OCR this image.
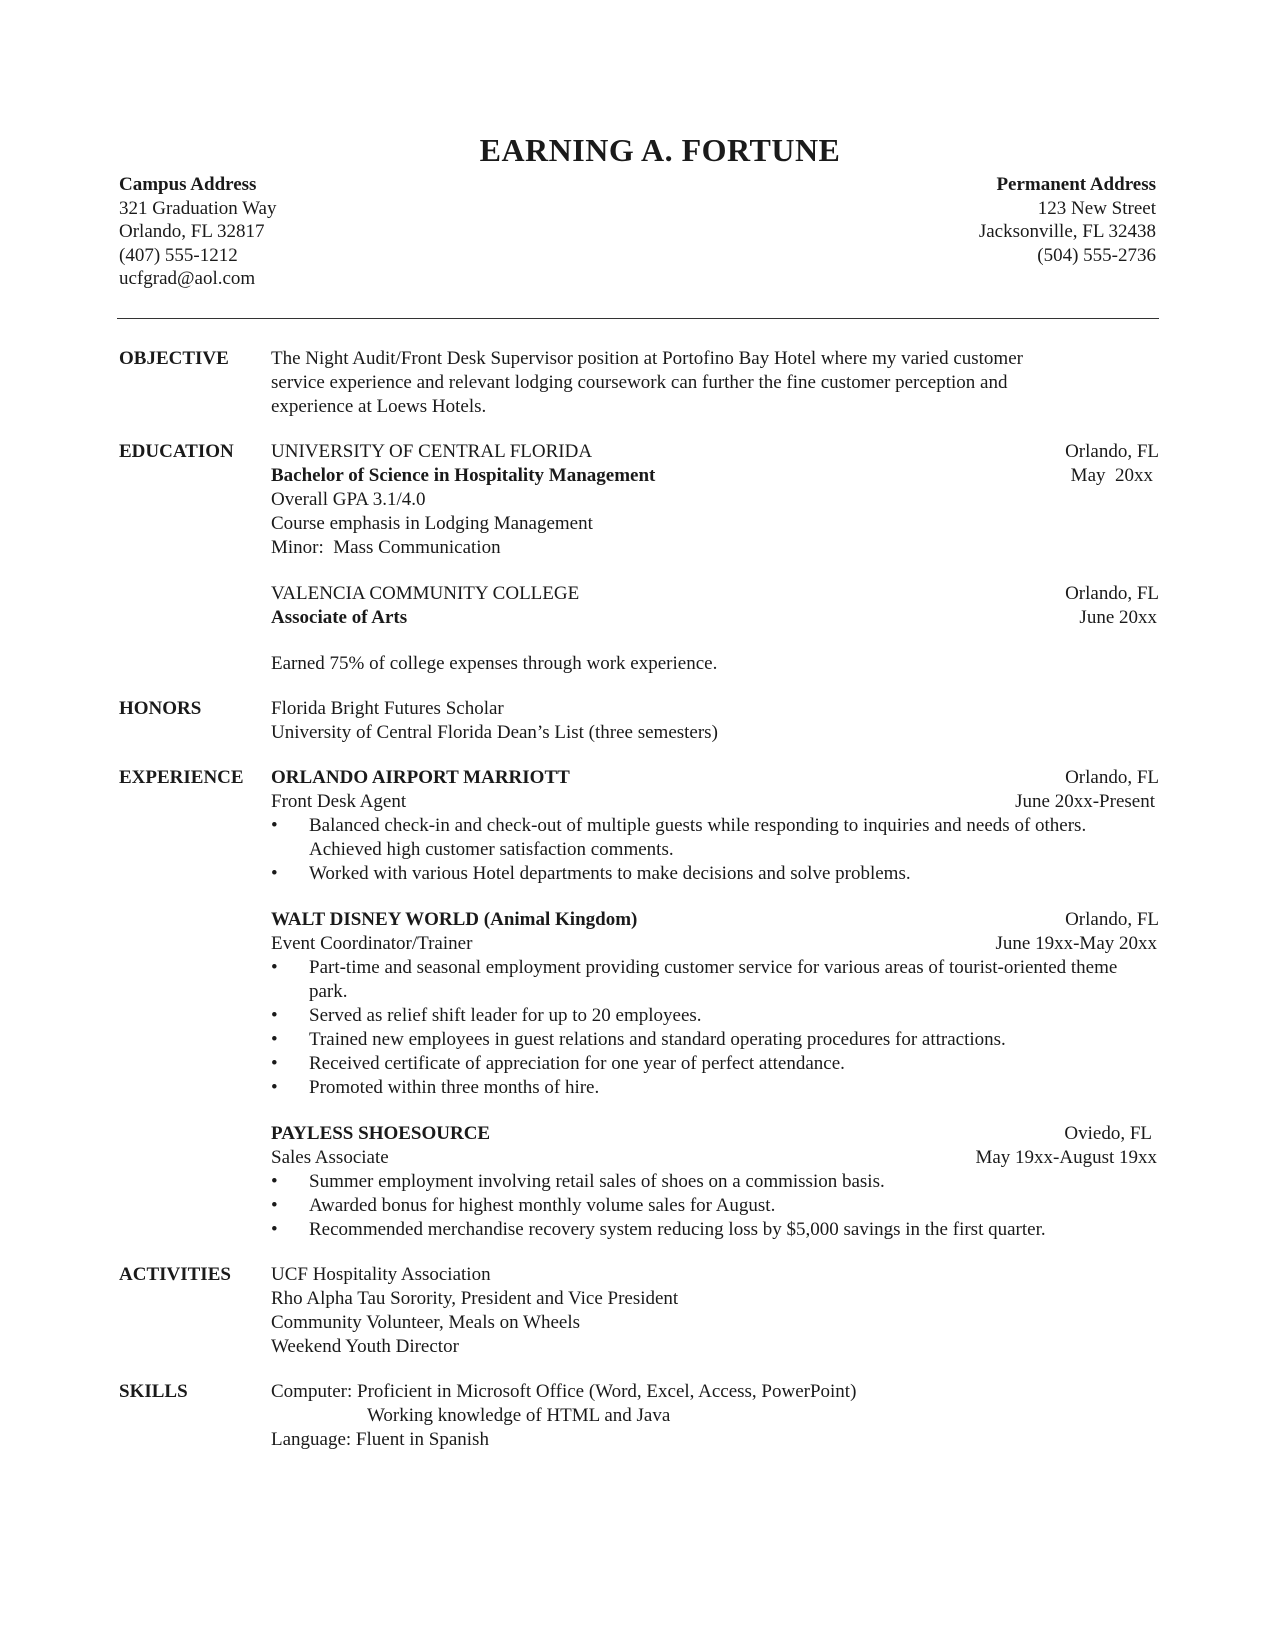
EARNING A. FORTUNE
Campus Address
321 Graduation Way
Orlando, FL 32817
(407) 555-1212
ucfgrad@aol.com
Permanent Address
123 New Street
Jacksonville, FL 32438
(504) 555-2736
OBJECTIVE	The Night Audit/Front Desk Supervisor position at Portofino Bay Hotel where my varied customer service experience and relevant lodging coursework can further the fine customer perception and experience at Loews Hotels.
EDUCATION	UNIVERSITY OF CENTRAL FLORIDA	Orlando, FL
Bachelor of Science in Hospitality Management	May  20xx
Overall GPA 3.1/4.0
Course emphasis in Lodging Management
Minor:  Mass Communication
VALENCIA COMMUNITY COLLEGE	Orlando, FL
Associate of Arts	June 20xx
Earned 75% of college expenses through work experience.
HONORS	Florida Bright Futures Scholar
University of Central Florida Dean’s List (three semesters)
EXPERIENCE	ORLANDO AIRPORT MARRIOTT	Orlando, FL
Front Desk Agent	June 20xx-Present
• Balanced check-in and check-out of multiple guests while responding to inquiries and needs of others. Achieved high customer satisfaction comments.
• Worked with various Hotel departments to make decisions and solve problems.
WALT DISNEY WORLD (Animal Kingdom)	Orlando, FL
Event Coordinator/Trainer	June 19xx-May 20xx
• Part-time and seasonal employment providing customer service for various areas of tourist-oriented theme park.
• Served as relief shift leader for up to 20 employees.
• Trained new employees in guest relations and standard operating procedures for attractions.
• Received certificate of appreciation for one year of perfect attendance.
• Promoted within three months of hire.
PAYLESS SHOESOURCE	Oviedo, FL
Sales Associate	May 19xx-August 19xx
• Summer employment involving retail sales of shoes on a commission basis.
• Awarded bonus for highest monthly volume sales for August.
• Recommended merchandise recovery system reducing loss by $5,000 savings in the first quarter.
ACTIVITIES	UCF Hospitality Association
Rho Alpha Tau Sorority, President and Vice President
Community Volunteer, Meals on Wheels
Weekend Youth Director
SKILLS	Computer: Proficient in Microsoft Office (Word, Excel, Access, PowerPoint)
Working knowledge of HTML and Java
Language: Fluent in Spanish
